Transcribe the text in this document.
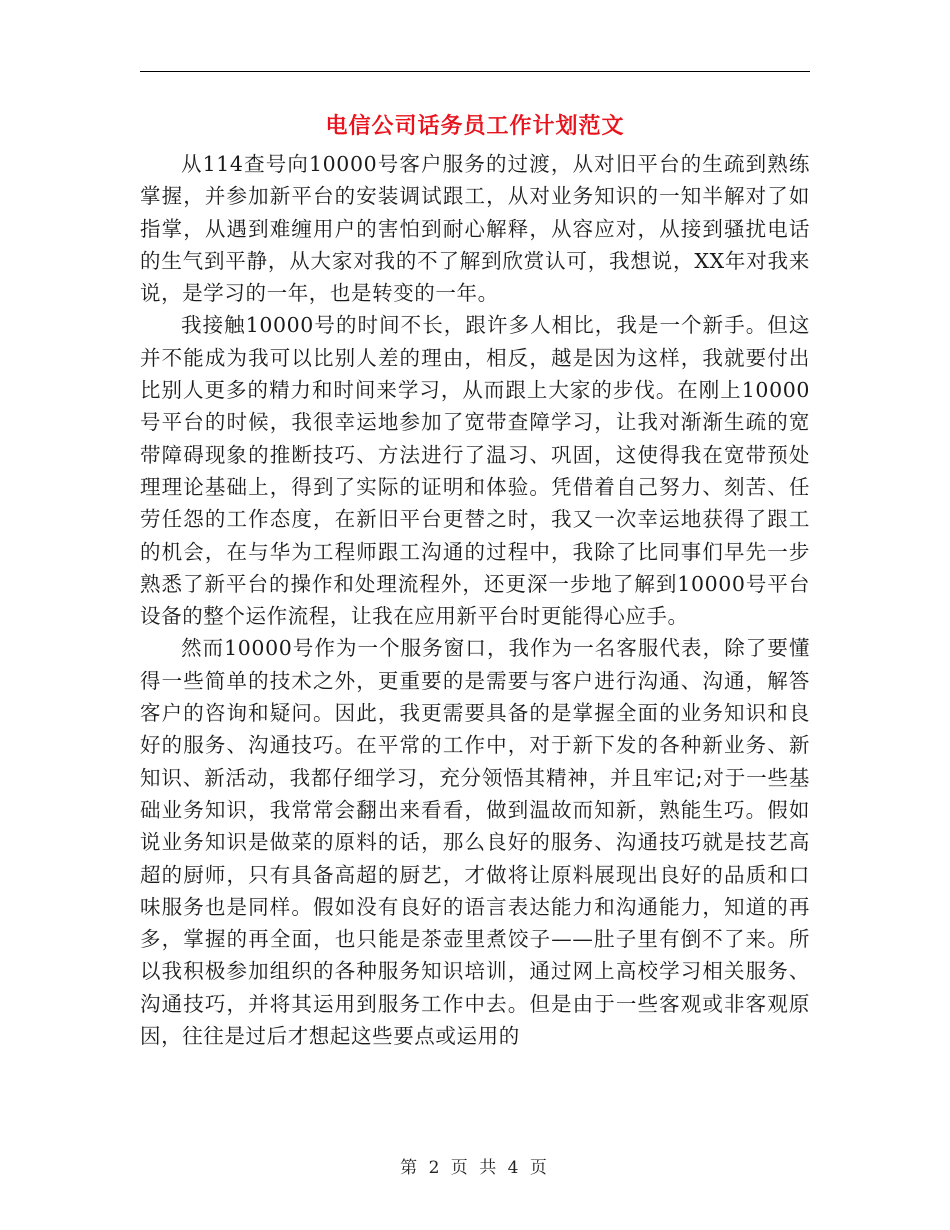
电信公司话务员工作计划范文

从114查号向10000号客户服务的过渡，从对旧平台的生疏到熟练掌握，并参加新平台的安装调试跟工，从对业务知识的一知半解对了如指掌，从遇到难缠用户的害怕到耐心解释，从容应对，从接到骚扰电话的生气到平静，从大家对我的不了解到欣赏认可，我想说，XX年对我来说，是学习的一年，也是转变的一年。

我接触10000号的时间不长，跟许多人相比，我是一个新手。但这并不能成为我可以比别人差的理由，相反，越是因为这样，我就要付出比别人更多的精力和时间来学习，从而跟上大家的步伐。在刚上10000号平台的时候，我很幸运地参加了宽带查障学习，让我对渐渐生疏的宽带障碍现象的推断技巧、方法进行了温习、巩固，这使得我在宽带预处理理论基础上，得到了实际的证明和体验。凭借着自己努力、刻苦、任劳任怨的工作态度，在新旧平台更替之时，我又一次幸运地获得了跟工的机会，在与华为工程师跟工沟通的过程中，我除了比同事们早先一步熟悉了新平台的操作和处理流程外，还更深一步地了解到10000号平台设备的整个运作流程，让我在应用新平台时更能得心应手。

然而10000号作为一个服务窗口，我作为一名客服代表，除了要懂得一些简单的技术之外，更重要的是需要与客户进行沟通、沟通，解答客户的咨询和疑问。因此，我更需要具备的是掌握全面的业务知识和良好的服务、沟通技巧。在平常的工作中，对于新下发的各种新业务、新知识、新活动，我都仔细学习，充分领悟其精神，并且牢记;对于一些基础业务知识，我常常会翻出来看看，做到温故而知新，熟能生巧。假如说业务知识是做菜的原料的话，那么良好的服务、沟通技巧就是技艺高超的厨师，只有具备高超的厨艺，才做将让原料展现出良好的品质和口味服务也是同样。假如没有良好的语言表达能力和沟通能力，知道的再多，掌握的再全面，也只能是茶壶里煮饺子——肚子里有倒不了来。所以我积极参加组织的各种服务知识培训，通过网上高校学习相关服务、沟通技巧，并将其运用到服务工作中去。但是由于一些客观或非客观原因，往往是过后才想起这些要点或运用的

第 2 页 共 4 页
